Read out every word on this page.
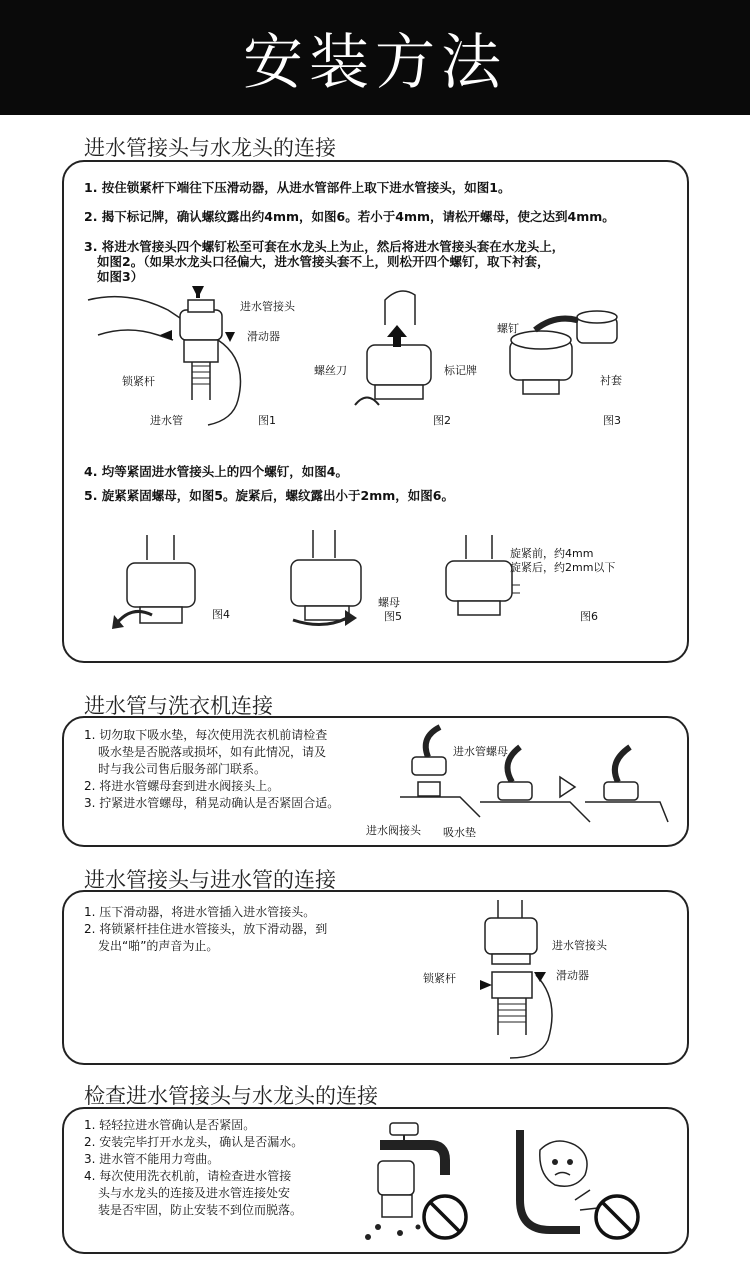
安装方法
进水管接头与水龙头的连接
1. 按住锁紧杆下端往下压滑动器，从进水管部件上取下进水管接头，如图1。
2. 揭下标记牌，确认螺纹露出约4mm，如图6。若小于4mm，请松开螺母，使之达到4mm。
3. 将进水管接头四个螺钉松至可套在水龙头上为止，然后将进水管接头套在水龙头上，
如图2。（如果水龙头口径偏大，进水管接头套不上，则松开四个螺钉，取下衬套，
如图3）
进水管接头
滑动器
锁紧杆
进水管	图1
螺丝刀	标记牌
图2
螺钉
衬套
图3
4. 均等紧固进水管接头上的四个螺钉，如图4。
5. 旋紧紧固螺母，如图5。旋紧后，螺纹露出小于2mm，如图6。
图4
螺母
图5
旋紧前，约4mm
旋紧后，约2mm以下
图6
进水管与洗衣机连接
1. 切勿取下吸水垫，每次使用洗衣机前请检查
吸水垫是否脱落或损坏，如有此情况，请及
时与我公司售后服务部门联系。
2. 将进水管螺母套到进水阀接头上。
3. 拧紧进水管螺母，稍晃动确认是否紧固合适。
进水管螺母
进水阀接头 吸水垫
进水管接头与进水管的连接
1. 压下滑动器，将进水管插入进水管接头。
2. 将锁紧杆挂住进水管接头，放下滑动器，到
发出“啪”的声音为止。	进水管接头
锁紧杆	滑动器
检查进水管接头与水龙头的连接
1. 轻轻拉进水管确认是否紧固。
2. 安装完毕打开水龙头，确认是否漏水。
3. 进水管不能用力弯曲。
4. 每次使用洗衣机前，请检查进水管接
头与水龙头的连接及进水管连接处安
装是否牢固，防止安装不到位而脱落。
